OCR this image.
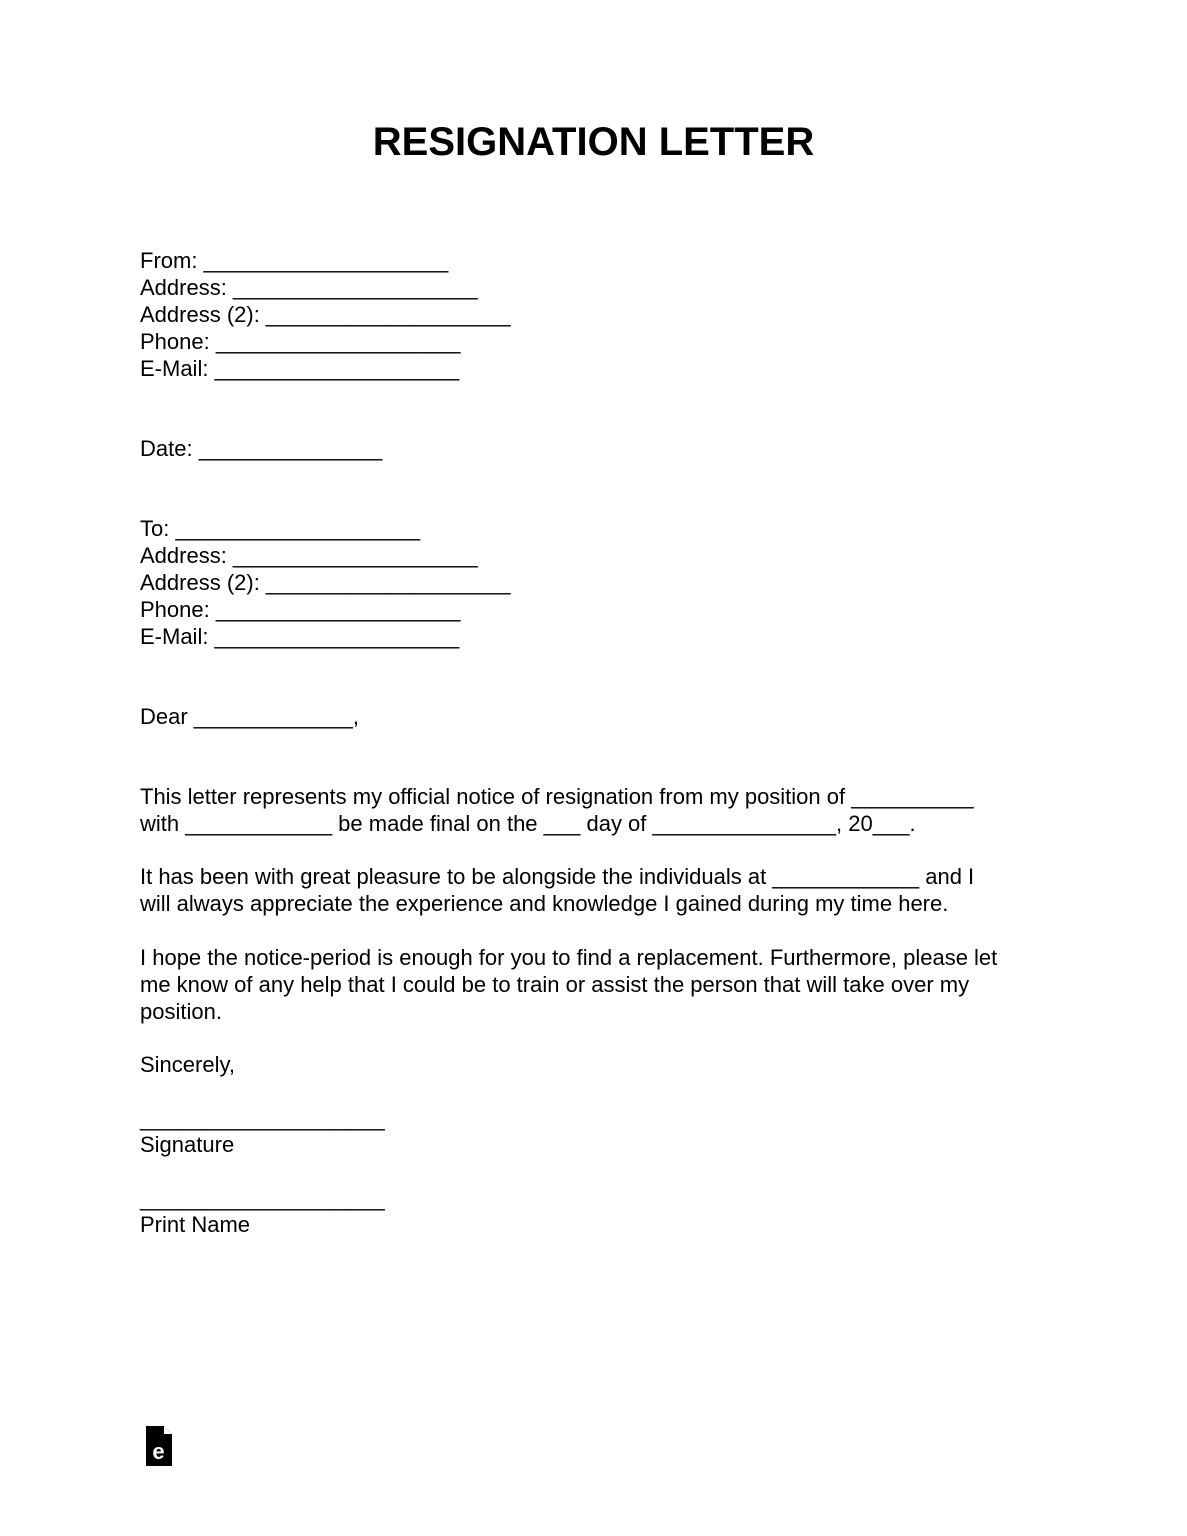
RESIGNATION LETTER

From: ____________________

Address: ____________________

Address (2): ____________________

Phone: ____________________

E-Mail: ____________________

Date: _______________

To: ____________________

Address: ____________________

Address (2): ____________________

Phone: ____________________

E-Mail: ____________________

Dear _____________,

This letter represents my official notice of resignation from my position of __________

with ____________ be made final on the ___ day of _______________, 20___.

It has been with great pleasure to be alongside the individuals at ____________ and I

will always appreciate the experience and knowledge I gained during my time here.

I hope the notice-period is enough for you to find a replacement. Furthermore, please let

me know of any help that I could be to train or assist the person that will take over my

position.

Sincerely,

____________________

Signature

____________________

Print Name

e
